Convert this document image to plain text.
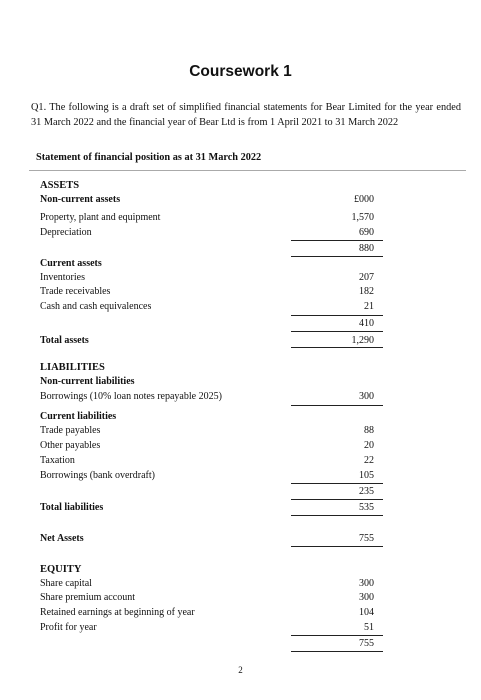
Coursework 1
Q1. The following is a draft set of simplified financial statements for Bear Limited for the year ended 31 March 2022 and the financial year of Bear Ltd is from 1 April 2021 to 31 March 2022
Statement of financial position as at 31 March 2022
ASSETS
Non-current assets	£000
Property, plant and equipment	1,570
Depreciation	690
880
Current assets
Inventories	207
Trade receivables	182
Cash and cash equivalences	21
410
Total assets	1,290
LIABILITIES
Non-current liabilities
Borrowings (10% loan notes repayable 2025)	300
Current liabilities
Trade payables	88
Other payables	20
Taxation	22
Borrowings (bank overdraft)	105
235
Total liabilities	535
Net Assets	755
EQUITY
Share capital	300
Share premium account	300
Retained earnings at beginning of year	104
Profit for year	51
755
2
